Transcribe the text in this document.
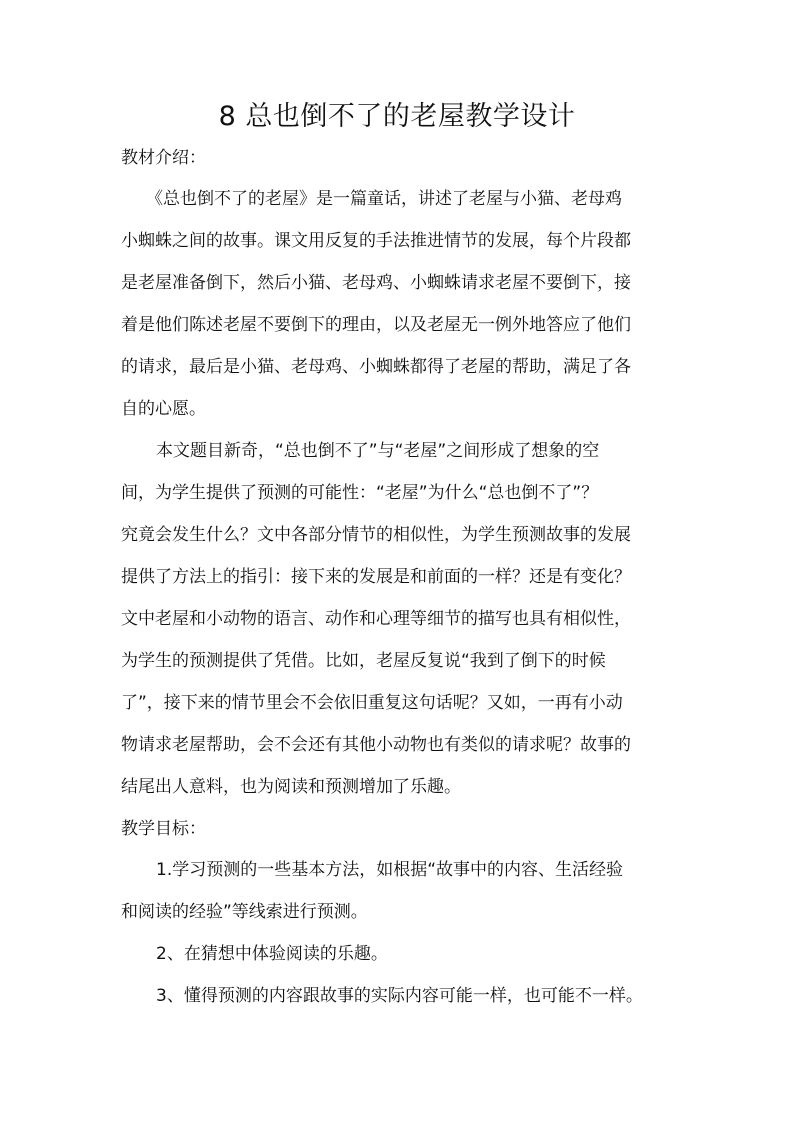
8 总也倒不了的老屋教学设计
教材介绍：
《总也倒不了的老屋》是一篇童话，讲述了老屋与小猫、老母鸡
小蜘蛛之间的故事。课文用反复的手法推进情节的发展，每个片段都
是老屋准备倒下，然后小猫、老母鸡、小蜘蛛请求老屋不要倒下，接
着是他们陈述老屋不要倒下的理由，以及老屋无一例外地答应了他们
的请求，最后是小猫、老母鸡、小蜘蛛都得了老屋的帮助，满足了各
自的心愿。
本文题目新奇，“总也倒不了”与“老屋”之间形成了想象的空
间，为学生提供了预测的可能性：“老屋”为什么“总也倒不了”？
究竟会发生什么？文中各部分情节的相似性，为学生预测故事的发展
提供了方法上的指引：接下来的发展是和前面的一样？还是有变化？
文中老屋和小动物的语言、动作和心理等细节的描写也具有相似性，
为学生的预测提供了凭借。比如，老屋反复说“我到了倒下的时候
了”，接下来的情节里会不会依旧重复这句话呢？又如，一再有小动
物请求老屋帮助，会不会还有其他小动物也有类似的请求呢？故事的
结尾出人意料，也为阅读和预测增加了乐趣。
教学目标：
1.学习预测的一些基本方法，如根据“故事中的内容、生活经验
和阅读的经验”等线索进行预测。
2、在猜想中体验阅读的乐趣。
3、懂得预测的内容跟故事的实际内容可能一样，也可能不一样。
